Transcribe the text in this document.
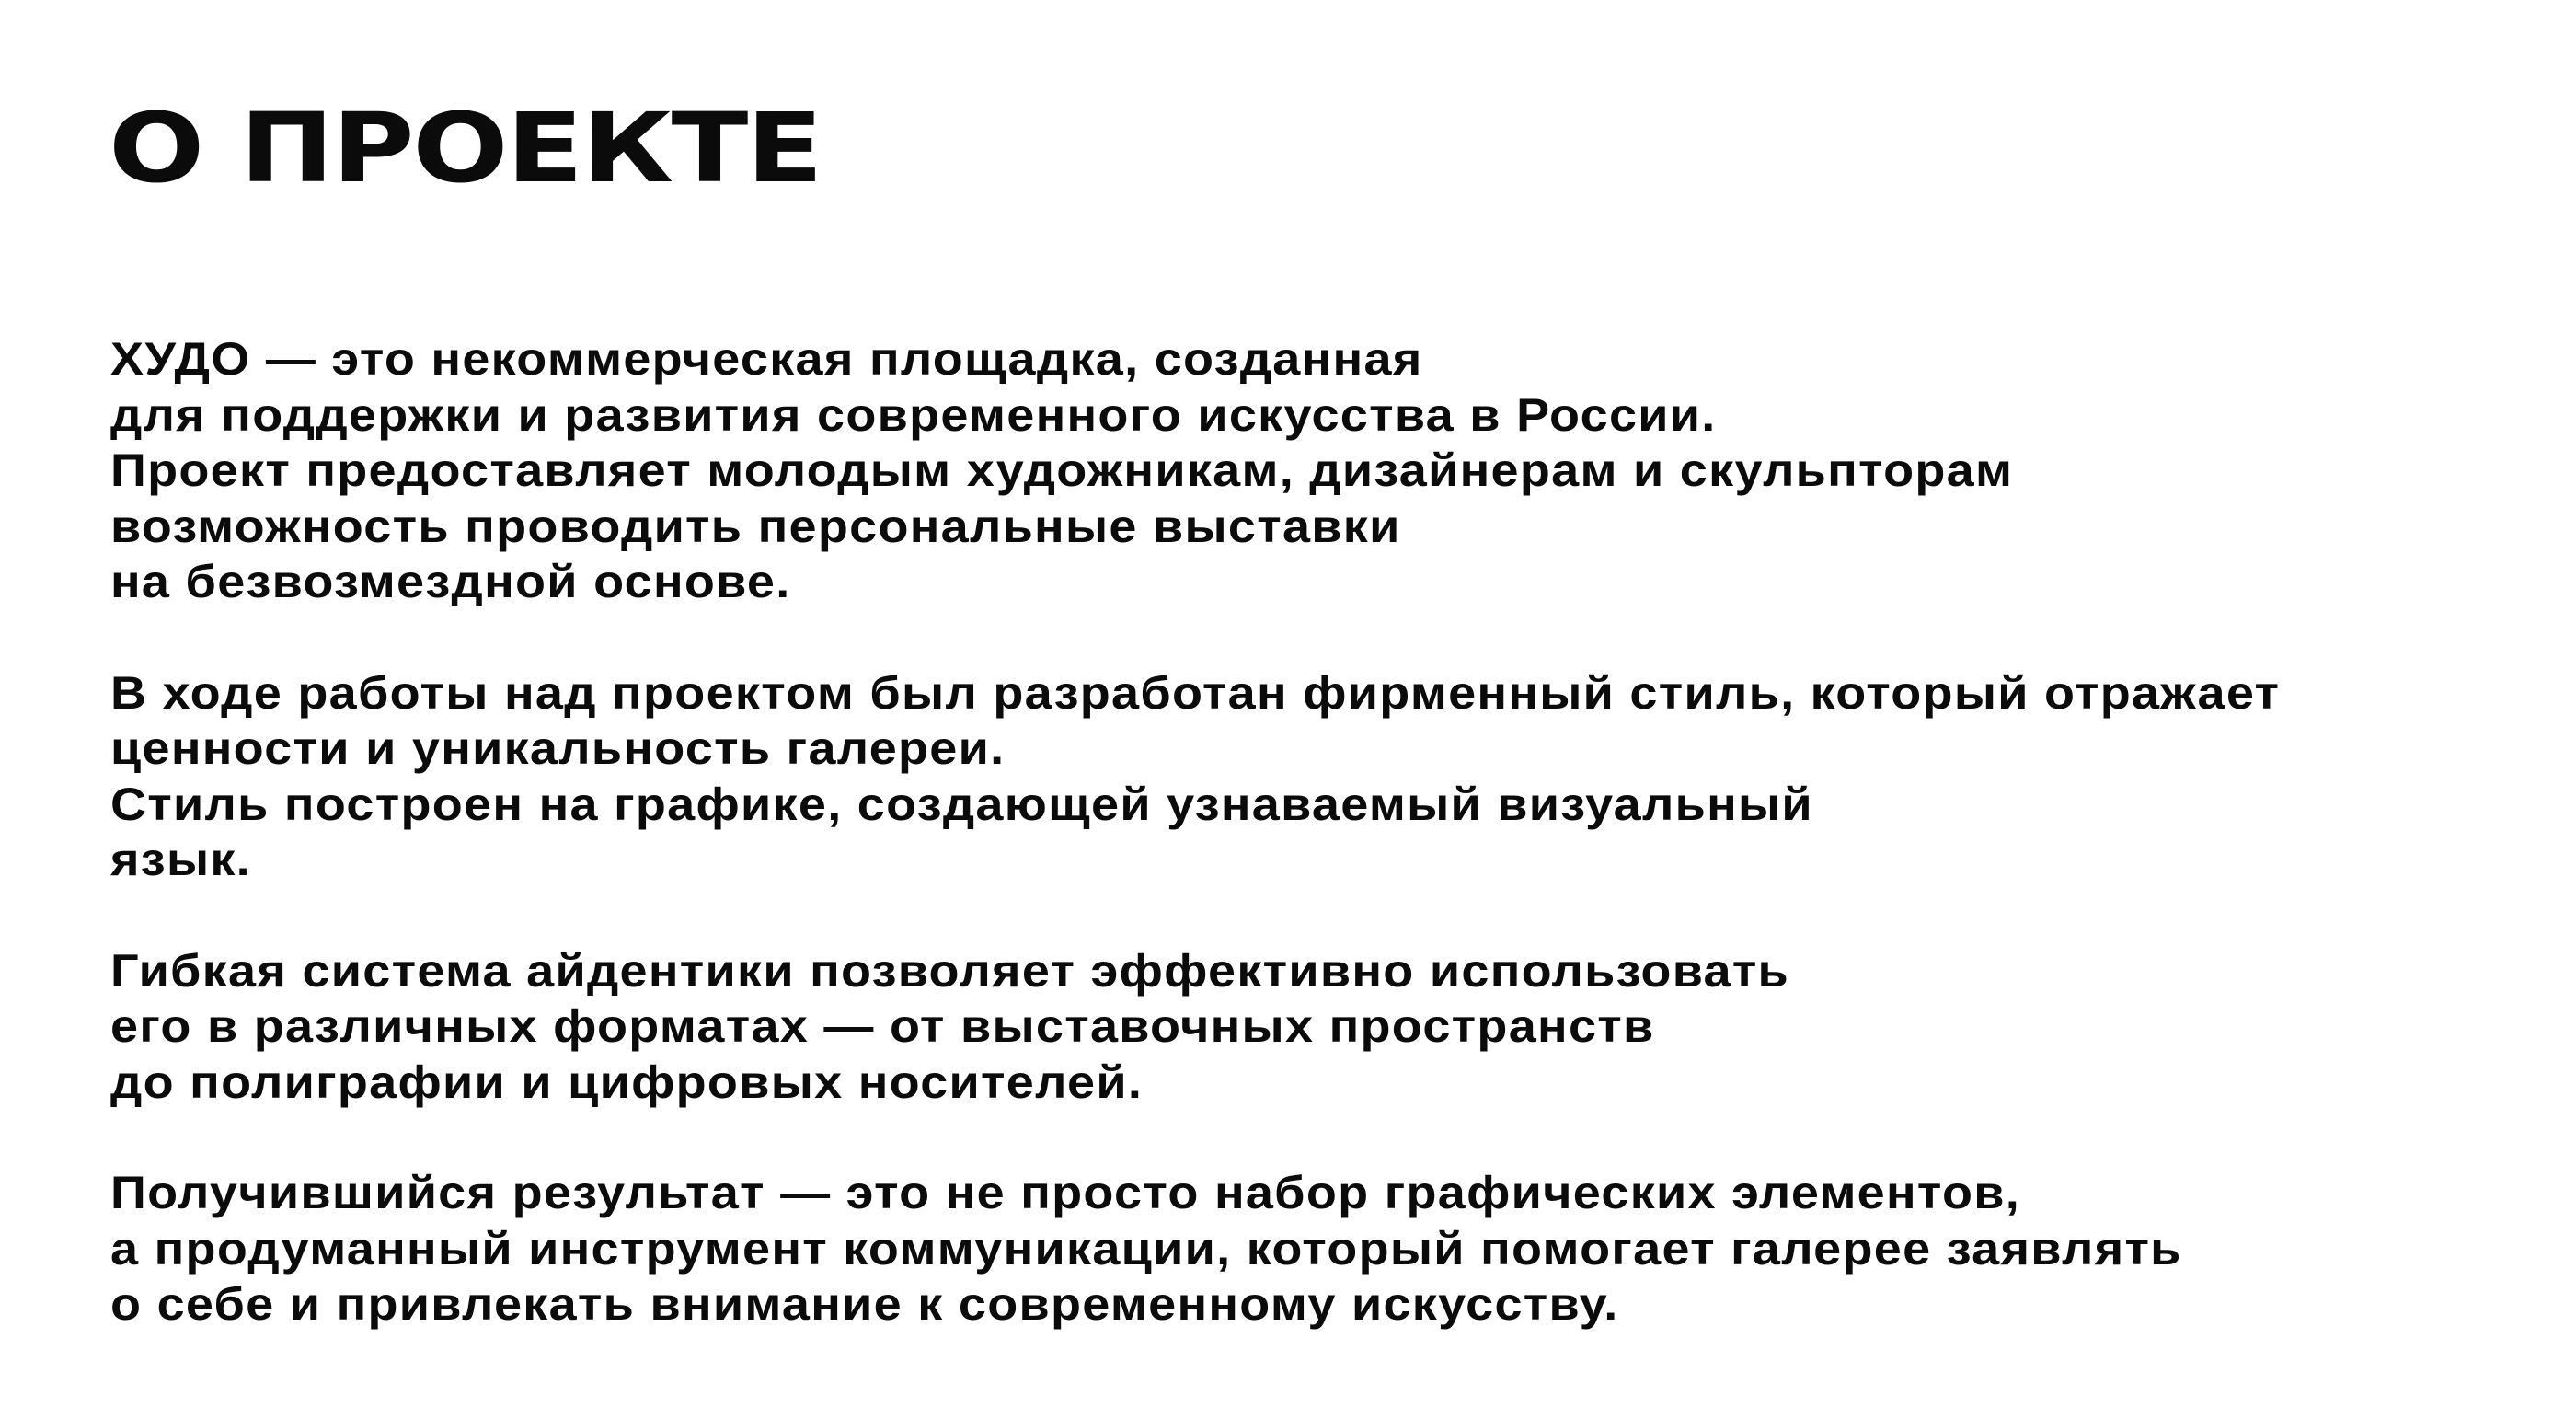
О ПРОЕКТЕ

ХУДО — это некоммерческая площадка, созданная
для поддержки и развития современного искусства в России.
Проект предоставляет молодым художникам, дизайнерам и скульпторам
возможность проводить персональные выставки
на безвозмездной основе.

В ходе работы над проектом был разработан фирменный стиль, который отражает
ценности и уникальность галереи.
Стиль построен на графике, создающей узнаваемый визуальный
язык.

Гибкая система айдентики позволяет эффективно использовать
его в различных форматах — от выставочных пространств
до полиграфии и цифровых носителей.

Получившийся результат — это не просто набор графических элементов,
а продуманный инструмент коммуникации, который помогает галерее заявлять
о себе и привлекать внимание к современному искусству.
